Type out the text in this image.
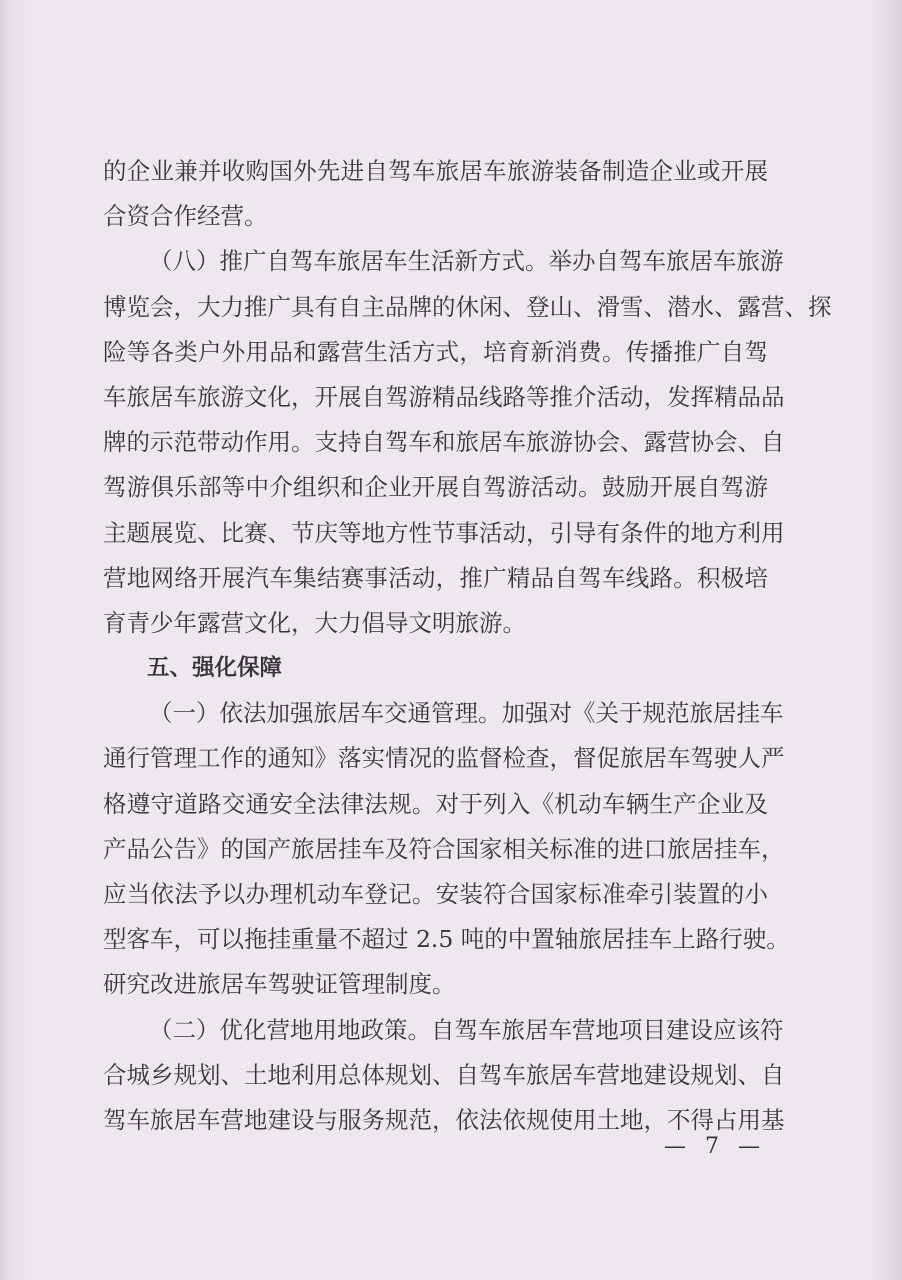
的企业兼并收购国外先进自驾车旅居车旅游装备制造企业或开展
合资合作经营。
（八）推广自驾车旅居车生活新方式。举办自驾车旅居车旅游
博览会，大力推广具有自主品牌的休闲、登山、滑雪、潜水、露营、探
险等各类户外用品和露营生活方式，培育新消费。传播推广自驾
车旅居车旅游文化，开展自驾游精品线路等推介活动，发挥精品品
牌的示范带动作用。支持自驾车和旅居车旅游协会、露营协会、自
驾游俱乐部等中介组织和企业开展自驾游活动。鼓励开展自驾游
主题展览、比赛、节庆等地方性节事活动，引导有条件的地方利用
营地网络开展汽车集结赛事活动，推广精品自驾车线路。积极培
育青少年露营文化，大力倡导文明旅游。
五、强化保障
（一）依法加强旅居车交通管理。加强对《关于规范旅居挂车
通行管理工作的通知》落实情况的监督检查，督促旅居车驾驶人严
格遵守道路交通安全法律法规。对于列入《机动车辆生产企业及
产品公告》的国产旅居挂车及符合国家相关标准的进口旅居挂车，
应当依法予以办理机动车登记。安装符合国家标准牵引装置的小
型客车，可以拖挂重量不超过 2.5 吨的中置轴旅居挂车上路行驶。
研究改进旅居车驾驶证管理制度。
（二）优化营地用地政策。自驾车旅居车营地项目建设应该符
合城乡规划、土地利用总体规划、自驾车旅居车营地建设规划、自
驾车旅居车营地建设与服务规范，依法依规使用土地，不得占用基
— 7 —
